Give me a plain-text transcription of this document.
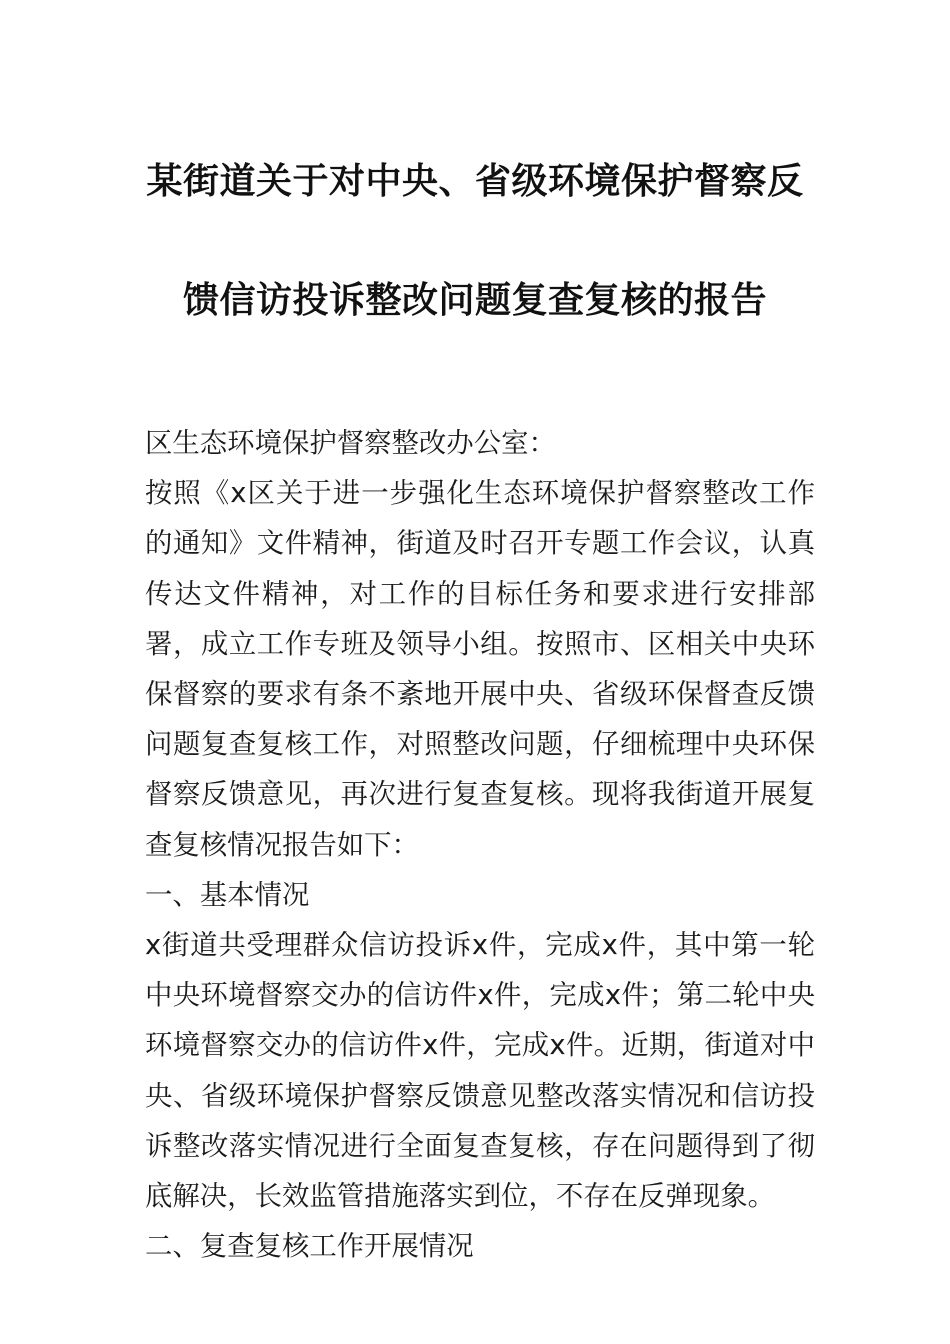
某街道关于对中央、省级环境保护督察反
馈信访投诉整改问题复查复核的报告

区生态环境保护督察整改办公室：

按照《x区关于进一步强化生态环境保护督察整改工作的通知》文件精神，街道及时召开专题工作会议，认真传达文件精神，对工作的目标任务和要求进行安排部署，成立工作专班及领导小组。按照市、区相关中央环保督察的要求有条不紊地开展中央、省级环保督查反馈问题复查复核工作，对照整改问题，仔细梳理中央环保督察反馈意见，再次进行复查复核。现将我街道开展复查复核情况报告如下：

一、基本情况

x街道共受理群众信访投诉x件，完成x件，其中第一轮中央环境督察交办的信访件x件，完成x件；第二轮中央环境督察交办的信访件x件，完成x件。近期，街道对中央、省级环境保护督察反馈意见整改落实情况和信访投诉整改落实情况进行全面复查复核，存在问题得到了彻底解决，长效监管措施落实到位，不存在反弹现象。

二、复查复核工作开展情况
